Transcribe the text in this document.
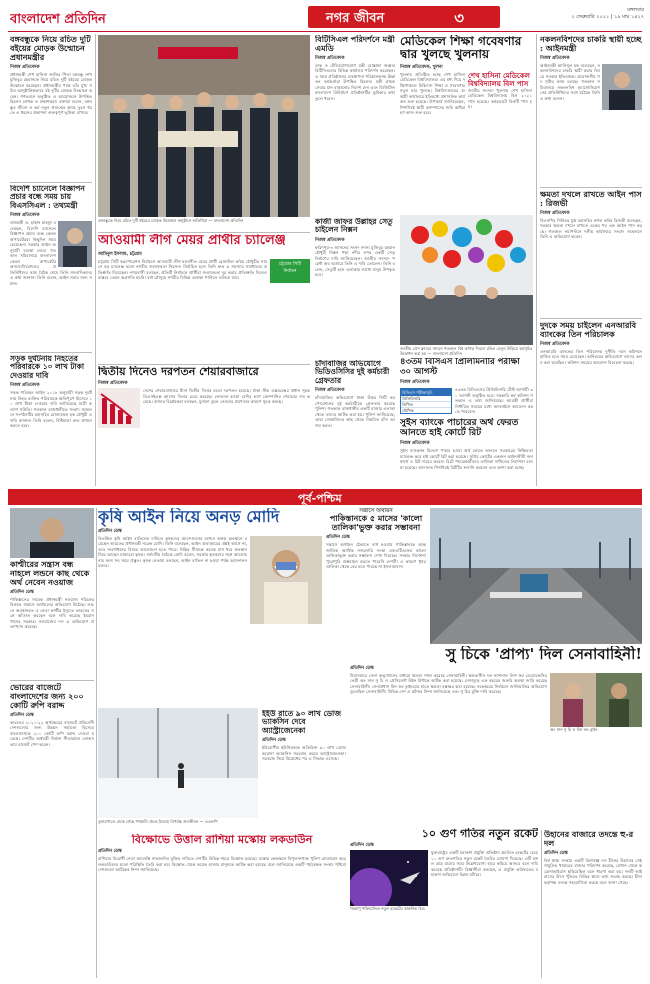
বাংলাদেশ প্রতিদিন	নগর জীবন	৩	মঙ্গলবার
২ ফেব্রুয়ারি ২০২১ | ১৯ মাঘ ১৪২৭
বঙ্গবন্ধুকে নিয়ে রচিত দুটি বইয়ের মোড়ক উন্মোচন প্রধানমন্ত্রীর
নিজস্ব প্রতিবেদক
প্রধানমন্ত্রী শেখ হাসিনা জাতির পিতা বঙ্গবন্ধু শেখ মুজিবুর রহমানকে নিয়ে রচিত দুটি বইয়ের মোড়ক উন্মোচন করেছেন। প্রধানমন্ত্রীর পক্ষে তাঁর মুখ্য সচিব আনুষ্ঠানিকভাবে বই দুটির মোড়ক উন্মোচন করেন। গণভবনে অনুষ্ঠিত এ আয়োজনে উপস্থিত ছিলেন লেখক ও প্রকাশকরা। বক্তারা বলেন, বঙ্গবন্ধুর জীবন ও কর্ম নতুন প্রজন্মের কাছে তুলে ধরতে এ ধরনের প্রকাশনা গুরুত্বপূর্ণ ভূমিকা রাখবে।
বিদেশি চ্যানেলে বিজ্ঞাপন প্রচার বন্ধে সময় চায় বিএসসিএল : তথ্যমন্ত্রী
নিজস্ব প্রতিবেদক
তথ্যমন্ত্রী ড. হাছান মাহমুদ বলেছেন, বিদেশি চ্যানেলে বিজ্ঞাপন প্রচার বন্ধে কেবল অপারেটররা কিছুদিন সময় চেয়েছেন। সরকার আইন অনুযায়ী ব্যবস্থা নেবে। গতকাল সচিবালয়ে বাংলাদেশ কেবল অপারেটর অ্যাসোসিয়েশনের প্রতিনিধিদের সঙ্গে বৈঠক শেষে তিনি সাংবাদিকদের এ কথা জানান। তিনি বলেন, আইন সবার জন্য সমান।
সড়ক দুর্ঘটনায় নিহতের পরিবারকে ১০ লাখ টাকা দেওয়ার দাবি
নিজস্ব প্রতিবেদক
সড়ক পরিবহন আইন ২০১৮ অনুযায়ী সড়ক দুর্ঘটনায় নিহত ব্যক্তির পরিবারকে ক্ষতিপূরণ হিসেবে ১০ লাখ টাকা দেওয়ার দাবি জানিয়েছে যাত্রী কল্যাণ সমিতি। গতকাল রাজধানীতে সংবাদ সম্মেলনে সংগঠনটির মহাসচিব মোজাম্মেল হক চৌধুরী এ দাবি জানান। তিনি বলেন, বিধিমালা দ্রুত প্রণয়ন করতে হবে।
বঙ্গবন্ধুকে নিয়ে রচিত দুটি বইয়ের মোড়ক উন্মোচন অনুষ্ঠানে অতিথিরা — বাংলাদেশ প্রতিদিন
বিটিসিএল পরিদর্শনে মন্ত্রী এমডি
নিজস্ব প্রতিবেদক
ডাক ও টেলিযোগাযোগ মন্ত্রী মোস্তাফা জব্বার বিটিসিএলের বিভিন্ন কার্যালয় পরিদর্শন করেছেন। এ সময় প্রতিষ্ঠানের ব্যবস্থাপনা পরিচালকসহ ঊর্ধ্বতন কর্মকর্তারা উপস্থিত ছিলেন। মন্ত্রী গ্রাহক সেবার মান বাড়ানোর নির্দেশ দেন এবং ডিজিটাল বাংলাদেশ বিনির্মাণে প্রতিষ্ঠানটির ভূমিকার কথা তুলে ধরেন।
মেডিকেল শিক্ষা গবেষণার দ্বার খুলছে খুলনায়
নিজস্ব প্রতিবেদক, খুলনা
খুলনায় প্রতিষ্ঠিত হচ্ছে শেখ হাসিনা মেডিকেল বিশ্ববিদ্যালয়। এর মধ্য দিয়ে দক্ষিণাঞ্চলে চিকিৎসা শিক্ষা ও গবেষণার নতুন দ্বার খুলছে। বিশ্ববিদ্যালয়ের অস্থায়ী কার্যালয়ে ইতিমধ্যে প্রশাসনিক কার্যক্রম শুরু হয়েছে। উপাচার্য জানিয়েছেন, শিগগিরই স্থায়ী ক্যাম্পাসের জমি অধিগ্রহণ কাজ শুরু হবে।
শেখ হাসিনা মেডিকেল বিশ্ববিদ্যালয় বিল পাস
জাতীয় সংসদে খুলনায় শেখ হাসিনা মেডিকেল বিশ্ববিদ্যালয় বিল ২০২১ পাস হয়েছে। কণ্ঠভোটে বিলটি পাস হয়।
নকলনবিশদের চাকরি স্থায়ী হচ্ছে : আইনমন্ত্রী
নিজস্ব প্রতিবেদক
আইনমন্ত্রী আনিসুল হক বলেছেন, নকলনবিশদের চাকরি স্থায়ী করার বিষয়ে সরকার ইতিবাচক। প্রয়োজনীয় পদ সৃষ্টির কাজ চলছে। গতকাল সচিবালয়ে নকলনবিশ অ্যাসোসিয়েশনের প্রতিনিধিদের সঙ্গে বৈঠকে তিনি এ কথা বলেন।
ক্ষমতা দখলে রাখতে আইন পাস : রিজভী
নিজস্ব প্রতিবেদক
বিএনপির সিনিয়র যুগ্ম মহাসচিব রুহুল কবির রিজভী বলেছেন, সরকার ক্ষমতা দখলে রাখতে একের পর এক আইন পাস করছে। গতকাল নয়াপল্টনে দলীয় কার্যালয়ে সংবাদ সম্মেলনে তিনি এ অভিযোগ করেন।
দুদকে সময় চাইলেন এনআরবি ব্যাংকের তিন পরিচালক
নিজস্ব প্রতিবেদক
এনআরবি ব্যাংকের তিন পরিচালক দুর্নীতি দমন কমিশনে হাজির হতে সময় চেয়েছেন। অনিয়মের অভিযোগে তাদের তলব করা হয়েছিল। কমিশন সময়ের আবেদন বিবেচনা করছে।
আওয়ামী লীগ মেয়র প্রার্থীর চ্যালেঞ্জ
আমিনুল ইসলাম, চট্টগ্রাম
চট্টগ্রাম সিটি করপোরেশন নির্বাচনে আওয়ামী লীগ মনোনীত মেয়র প্রার্থী রেজাউল করিম চৌধুরীর সামনে বড় চ্যালেঞ্জ হলো নগরীর জলাবদ্ধতা নিরসন। নির্বাচিত হলে তিনি দ্রুত এ সমস্যার সমাধানের প্রতিশ্রুতি দিয়েছেন। নগরবাসী বলছেন, প্রতিটি নির্বাচনে প্রার্থীরা জলাবদ্ধতা দূর করার প্রতিশ্রুতি দিলেও বাস্তবে তেমন অগ্রগতি হয়নি। বর্ষা মৌসুমে নগরীর বিভিন্ন এলাকা পানিতে তলিয়ে যায়।
চট্টগ্রাম সিটি নির্বাচন
কাজী জাফর উল্লাহর সেতু চাইলেন নিক্সন
নিজস্ব প্রতিবেদক
ফরিদপুর-৪ আসনের সংসদ সদস্য মুজিবুর রহমান চৌধুরী নিক্সন পদ্মা নদীর ওপর একটি সেতু নির্মাণের দাবি জানিয়েছেন। জাতীয় সংসদে পয়েন্ট অব অর্ডারে তিনি এ দাবি তোলেন। তিনি বলেন, সেতুটি হলে এলাকার লাখো মানুষ উপকৃত হবে।
জাতীয় প্রেস ক্লাবের সামনে গতকাল বিশ্ব কাপড় দিবসে রঙিন বেলুন উড়িয়ে কর্মসূচির উদ্বোধন করা হয় — বাংলাদেশ প্রতিদিন
দ্বিতীয় দিনেও দরপতন শেয়ারবাজারে
নিজস্ব প্রতিবেদক
দেশের শেয়ারবাজারে টানা দ্বিতীয় দিনের মতো দরপতন হয়েছে। ঢাকা স্টক এক্সচেঞ্জের প্রধান সূচক ডিএসইএক্স আগের দিনের চেয়ে কমেছে। লেনদেন হওয়া বেশির ভাগ কোম্পানির শেয়ারের দাম কমেছে। বাজার বিশ্লেষকরা বলছেন, মুনাফা তুলে নেওয়ার প্রবণতার কারণে সূচক কমছে।
চাঁদাবাজির অভিযোগে ভিডিওসিসির দুই কর্মচারী গ্রেফতার
নিজস্ব প্রতিবেদক
চাঁদাবাজির অভিযোগে ঢাকা উত্তর সিটি করপোরেশনের দুই কর্মচারীকে গ্রেফতার করেছে পুলিশ। গতকাল রাজধানীর একটি বাজার এলাকা থেকে তাদের আটক করা হয়। পুলিশ জানিয়েছে, তারা দোকানিদের কাছ থেকে নিয়মিত চাঁদা আদায় করত।
৪৩তম বিসিএস প্রিলিমিনারি পরীক্ষা ৩০ আগস্ট
নিজস্ব প্রতিবেদক
বিসিএস পরীক্ষাসূচি
প্রিলিমিনারি
লিখিত
মৌখিক
৪৩তম বিসিএসের প্রিলিমিনারি টেস্ট আগামী ৩০ আগস্ট অনুষ্ঠিত হবে। সরকারি কর্ম কমিশন গতকাল এ তথ্য জানিয়েছে। আগ্রহী প্রার্থীরা নির্ধারিত সময়ের মধ্যে অনলাইনে আবেদন করতে পারবেন।
সুইস ব্যাংকে পাচারের অর্থ ফেরত আনতে হাই কোর্টে রিট
নিজস্ব প্রতিবেদক
সুইস ব্যাংকসহ বিদেশে পাচার হওয়া অর্থ ফেরত আনতে সরকারের নিষ্ক্রিয়তা চ্যালেঞ্জ করে হাই কোর্টে রিট করা হয়েছে। সুপ্রিম কোর্টের একজন আইনজীবী জনস্বার্থে এ রিট দায়ের করেন। রিটে পাচারকারীদের তালিকা দাখিলের নির্দেশনা চাওয়া হয়েছে। আদালত শিগগিরই রিটটির শুনানি করবেন বলে আশা করা হচ্ছে।
পূর্ব-পশ্চিম
কৃষি আইন নিয়ে অনড় মোদি
প্রতিদিন ডেস্ক
বিতর্কিত কৃষি আইন বাতিলের দাবিতে কৃষকদের আন্দোলনের মধ্যেও অনড় অবস্থানে রয়েছেন ভারতের প্রধানমন্ত্রী নরেন্দ্র মোদি। তিনি বলেছেন, আইন প্রত্যাহারের প্রশ্নই আসে না, তবে সংশোধনের বিষয়ে আলোচনা হতে পারে। দিল্লির সীমান্তে কয়েক মাস ধরে অবস্থান নিয়ে আছেন হাজারো কৃষক। সর্বদলীয় বৈঠকে মোদি বলেন, সরকার কৃষকদের সঙ্গে আলোচনার জন্য সব সময় প্রস্তুত। কৃষক নেতারা বলছেন, আইন বাতিল না হওয়া পর্যন্ত আন্দোলন চলবে।
সন্ত্রাসে অর্থায়ন
পাকিস্তানকে ৫ মাসের 'কালো তালিকা'ভুক্ত করার সম্ভাবনা
প্রতিদিন ডেস্ক
সন্ত্রাসে অর্থায়ন ঠেকাতে ব্যর্থ হওয়ায় পাকিস্তানকে আন্তর্জাতিক আর্থিক নজরদারি সংস্থা এফএটিএফের কালো তালিকাভুক্ত করার সম্ভাবনা দেখা দিয়েছে। সংস্থার নির্দেশনা পুরোপুরি বাস্তবায়ন করতে পারেনি দেশটি। এ কারণে ধূসর তালিকা থেকে বের হতে পারছে না ইসলামাবাদ।
কাশ্মীরের সন্ত্রাস বন্ধ নাহলে লন্ডনে কাছ থেকে অর্থ নেবেন নওয়াজ
প্রতিদিন ডেস্ক
পাকিস্তানের সাবেক প্রধানমন্ত্রী নওয়াজ শরিফের বিরুদ্ধে সন্ত্রাসে অর্থায়নের অভিযোগ উঠেছে। লন্ডনে অবস্থানরত এ নেতা কাশ্মীর ইস্যুতে ভারতের সঙ্গে আঁতাত করছেন বলে দাবি করেছে ইমরান খানের সরকার। নওয়াজের দল এ অভিযোগ প্রত্যাখ্যান করেছে।
ভোরের বাজেটে বাংলাদেশের জন্য ২০০ কোটি রুপি বরাদ্দ
প্রতিদিন ডেস্ক
ভারতের ২০২১-২২ অর্থবছরের বাজেটে প্রতিবেশী দেশগুলোর জন্য উন্নয়ন সহায়তা হিসেবে বাংলাদেশকে ২০০ কোটি রুপি বরাদ্দ দেওয়া হয়েছে। দেশটির অর্থমন্ত্রী নির্মলা সীতারামন লোকসভায় বাজেট পেশ করেন।
তুষারপাতে ঢেকে গেছে পথঘাট। প্রচণ্ড ঠান্ডায় বিপর্যস্ত জনজীবন — এএফপি
ইইউ রাতে ৯০ লাখ ডোজ ভ্যাকসিন দেবে অ্যাস্ট্রাজেনেকা
প্রতিদিন ডেস্ক
ইউরোপীয় ইউনিয়নকে অতিরিক্ত ৯০ লাখ ডোজ করোনা ভ্যাকসিন সরবরাহ করবে অ্যাস্ট্রাজেনেকা। সরবরাহ নিয়ে বিরোধের পর এ সিদ্ধান্ত এসেছে।
বিক্ষোভে উত্তাল রাশিয়া মস্কোয় লকডাউন
প্রতিদিন ডেস্ক
রাশিয়ার বিরোধী নেতা আলেক্সি নাভালনির মুক্তির দাবিতে দেশটির বিভিন্ন শহরে বিক্ষোভ হয়েছে। মস্কোর কেন্দ্রস্থলে বিপুলসংখ্যক পুলিশ মোতায়েন করে লকডাউনের মতো পরিস্থিতি তৈরি করা হয়। বিক্ষোভ থেকে কয়েক হাজার মানুষকে আটক করা হয়েছে বলে জানিয়েছে একটি পর্যবেক্ষক সংস্থা। পশ্চিমা দেশগুলো আটকের নিন্দা জানিয়েছে।
সু চিকে 'প্রাপ্য' দিল সেনাবাহিনী!
প্রতিদিন ডেস্ক
মিয়ানমারে সেনা অভ্যুত্থানের মাধ্যমে ক্ষমতা দখল করেছে সেনাবাহিনী। ক্ষমতাসীন দল ন্যাশনাল লিগ ফর ডেমোক্রেসির নেত্রী অং সান সু চি ও প্রেসিডেন্ট উইন মিন্টকে আটক করা হয়েছে। দেশজুড়ে এক বছরের জরুরি অবস্থা জারি করেছে সেনাবাহিনী। সেনাপ্রধান মিন অং হ্লাইংয়ের হাতে ক্ষমতা হস্তান্তর করা হয়েছে। নভেম্বরের নির্বাচনে জালিয়াতির অভিযোগ তুলেছিল সেনাবাহিনী। বিভিন্ন দেশ এ ঘটনার নিন্দা জানিয়েছে এবং সু চির মুক্তি দাবি করেছে।
অং সান সু চি ও মিন অং হ্লাইং
১০ গুণ গতির নতুন রকেট
প্রতিদিন ডেস্ক
পরমাণু শক্তিচালিত নতুন রকেটের কাল্পনিক চিত্র
যুক্তরাষ্ট্রের একটি মহাকাশ প্রযুক্তি প্রতিষ্ঠান প্রচলিত রকেটের চেয়ে ১০ গুণ দ্রুতগতির নতুন রকেট তৈরির ঘোষণা দিয়েছে। এটি মঙ্গল গ্রহে যাত্রার সময় উল্লেখযোগ্য হারে কমিয়ে আনবে বলে দাবি করেছে প্রতিষ্ঠানটি। বিজ্ঞানীরা বলছেন, এ প্রযুক্তি ভবিষ্যতের মহাকাশ অভিযানে বিপ্লব ঘটাবে।
উহানের বাজারে তদন্তে হু-র দল
প্রতিদিন ডেস্ক
বিশ্ব স্বাস্থ্য সংস্থার একটি বিশেষজ্ঞ দল চীনের উহানের সেই সামুদ্রিক খাবারের বাজার পরিদর্শন করেছে, যেখান থেকে করোনাভাইরাস ছড়িয়েছিল বলে ধারণা করা হয়। দলটি ভাইরাসের উৎস খুঁজতে বিভিন্ন স্থানে তথ্য সংগ্রহ করছে। চীনা কর্তৃপক্ষ তদন্তে সহযোগিতা করছে বলে জানা গেছে।
